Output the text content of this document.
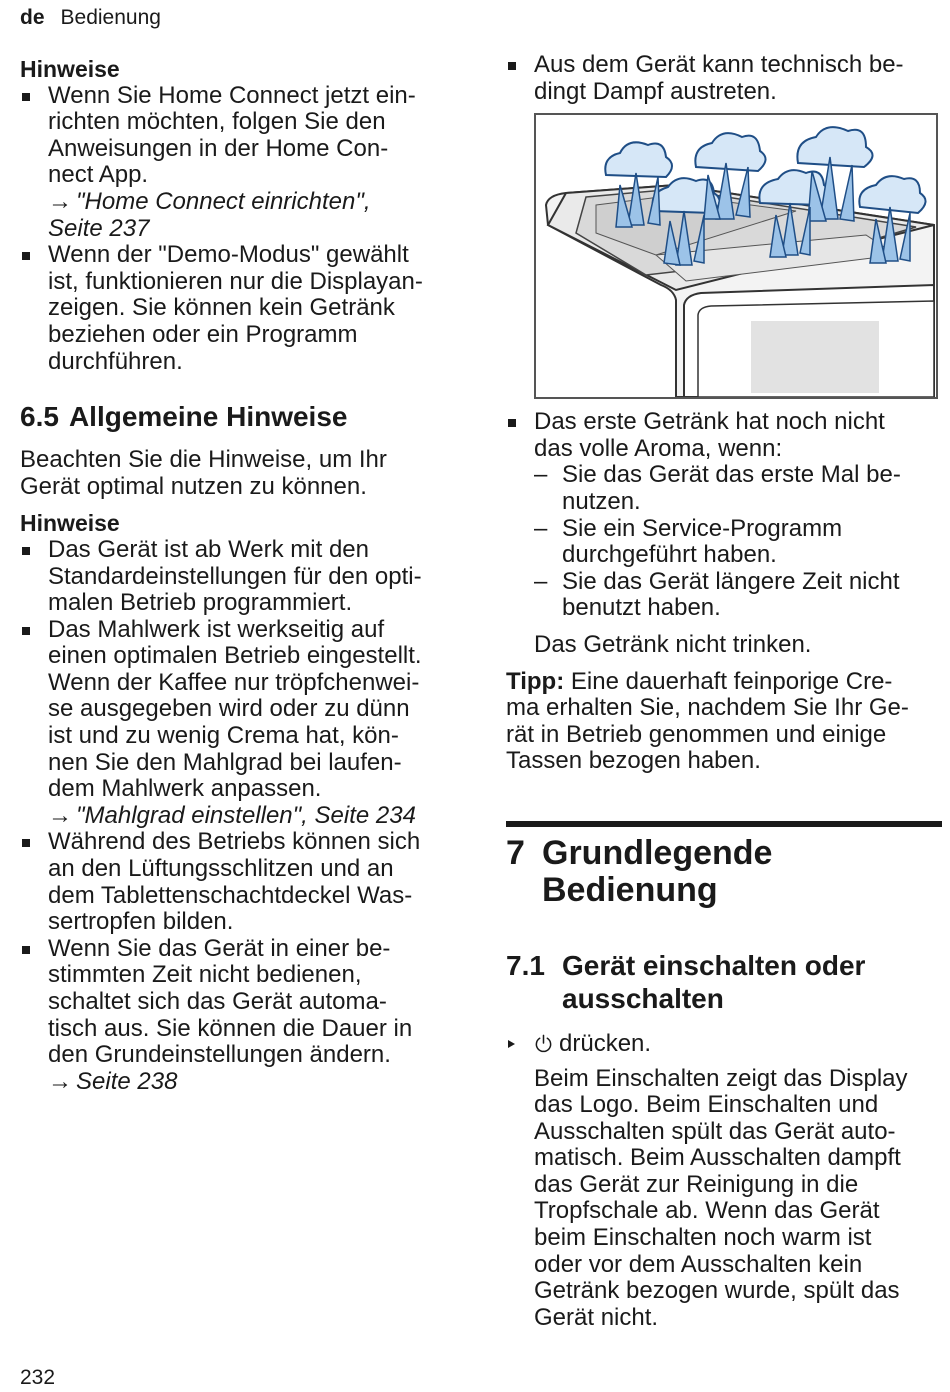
de Bedienung
Hinweise
Wenn Sie Home Connect jetzt ein-
richten möchten, folgen Sie den
Anweisungen in der Home Con-
nect App.
→ "Home Connect einrichten",
Seite 237
Wenn der "Demo-Modus" gewählt
ist, funktionieren nur die Displayan-
zeigen. Sie können kein Getränk
beziehen oder ein Programm
durchführen.
6.5 Allgemeine Hinweise
Beachten Sie die Hinweise, um Ihr
Gerät optimal nutzen zu können.
Hinweise
Das Gerät ist ab Werk mit den
Standardeinstellungen für den opti-
malen Betrieb programmiert.
Das Mahlwerk ist werkseitig auf
einen optimalen Betrieb eingestellt.
Wenn der Kaffee nur tröpfchenwei-
se ausgegeben wird oder zu dünn
ist und zu wenig Crema hat, kön-
nen Sie den Mahlgrad bei laufen-
dem Mahlwerk anpassen.
→ "Mahlgrad einstellen", Seite 234
Während des Betriebs können sich
an den Lüftungsschlitzen und an
dem Tablettenschachtdeckel Was-
sertropfen bilden.
Wenn Sie das Gerät in einer be-
stimmten Zeit nicht bedienen,
schaltet sich das Gerät automa-
tisch aus. Sie können die Dauer in
den Grundeinstellungen ändern.
→ Seite 238
Aus dem Gerät kann technisch be-
dingt Dampf austreten.
Das erste Getränk hat noch nicht
das volle Aroma, wenn:
– Sie das Gerät das erste Mal be-
nutzen.
– Sie ein Service-Programm
durchgeführt haben.
– Sie das Gerät längere Zeit nicht
benutzt haben.
Das Getränk nicht trinken.
Tipp: Eine dauerhaft feinporige Cre-
ma erhalten Sie, nachdem Sie Ihr Ge-
rät in Betrieb genommen und einige
Tassen bezogen haben.
7 Grundlegende
Bedienung
7.1 Gerät einschalten oder
ausschalten
drücken.
Beim Einschalten zeigt das Display
das Logo. Beim Einschalten und
Ausschalten spült das Gerät auto-
matisch. Beim Ausschalten dampft
das Gerät zur Reinigung in die
Tropfschale ab. Wenn das Gerät
beim Einschalten noch warm ist
oder vor dem Ausschalten kein
Getränk bezogen wurde, spült das
Gerät nicht.
232
